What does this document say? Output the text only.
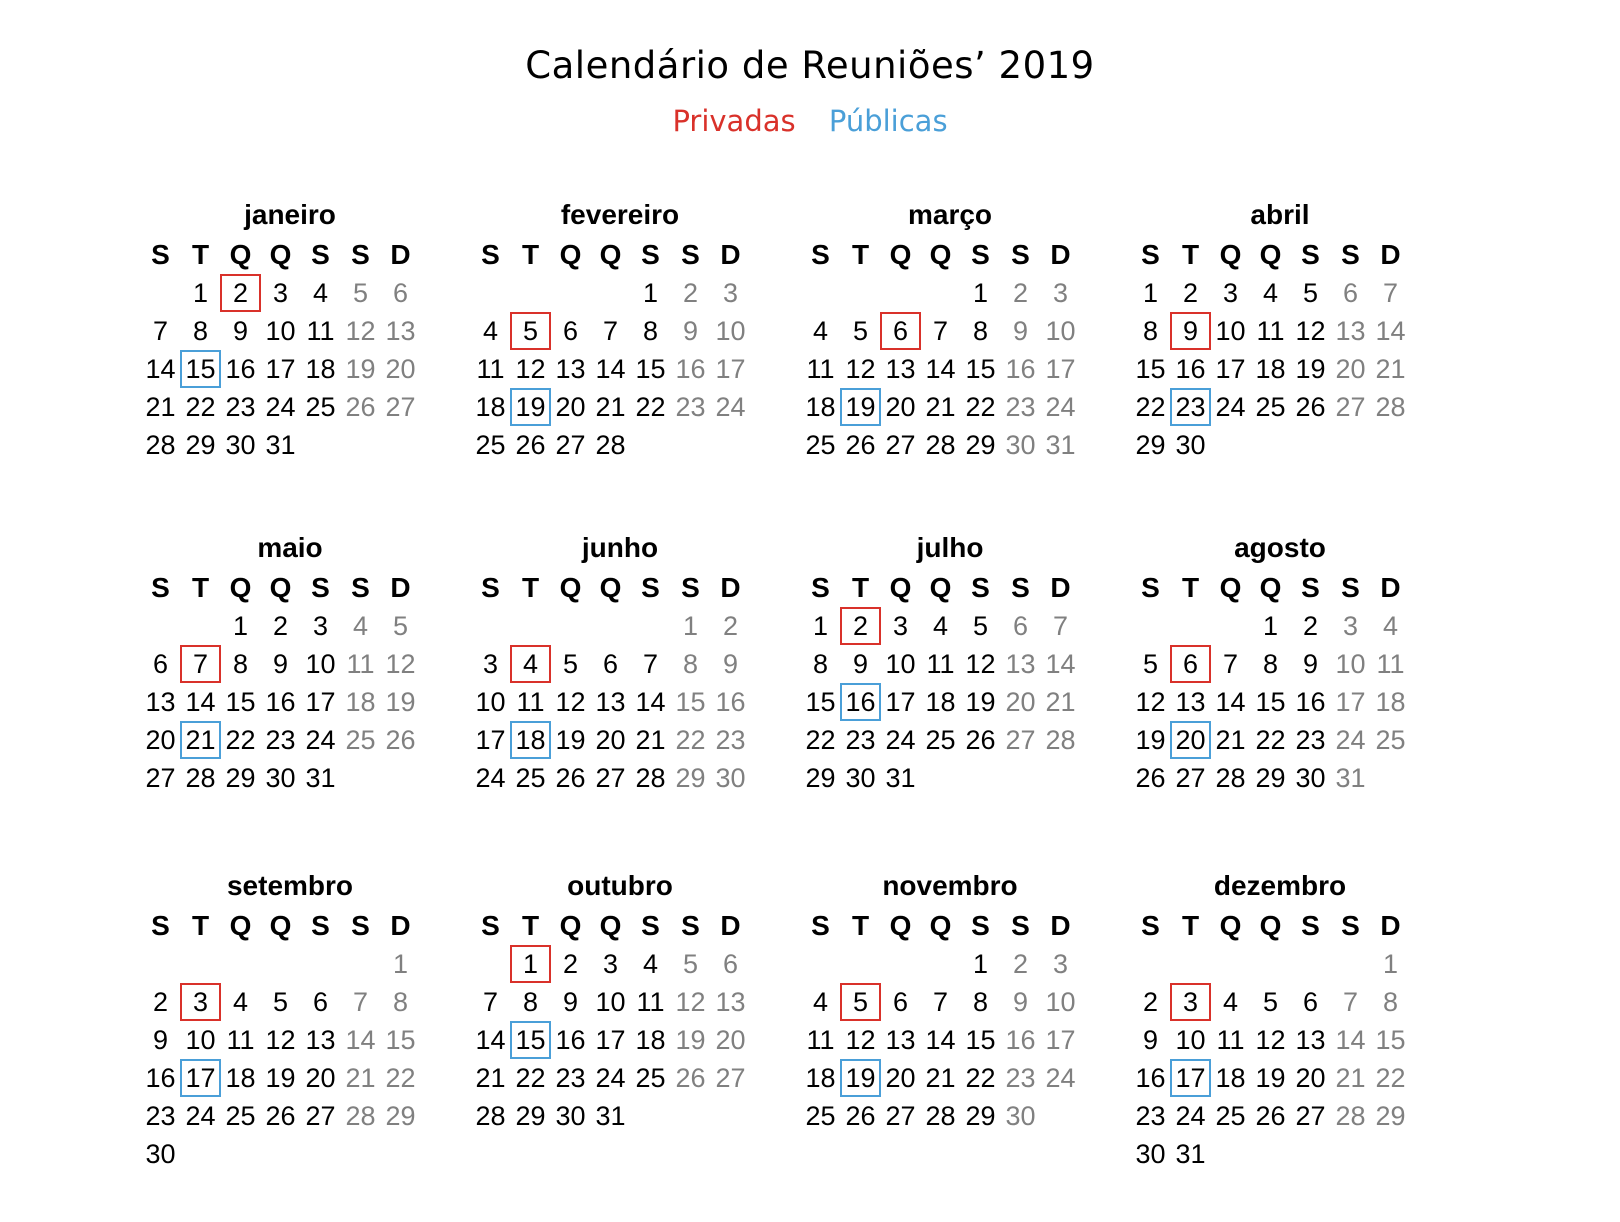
Calendário de Reuniões’ 2019
Privadas Públicas
janeiro
S T Q Q S S D
1 2 3 4 5 6
7 8 9 10 11 12 13
14 15 16 17 18 19 20
21 22 23 24 25 26 27
28 29 30 31
fevereiro
S T Q Q S S D
1 2 3
4 5 6 7 8 9 10
11 12 13 14 15 16 17
18 19 20 21 22 23 24
25 26 27 28
março
S T Q Q S S D
1 2 3
4 5 6 7 8 9 10
11 12 13 14 15 16 17
18 19 20 21 22 23 24
25 26 27 28 29 30 31
abril
S T Q Q S S D
1 2 3 4 5 6 7
8 9 10 11 12 13 14
15 16 17 18 19 20 21
22 23 24 25 26 27 28
29 30
maio
S T Q Q S S D
1 2 3 4 5
6 7 8 9 10 11 12
13 14 15 16 17 18 19
20 21 22 23 24 25 26
27 28 29 30 31
junho
S T Q Q S S D
1 2
3 4 5 6 7 8 9
10 11 12 13 14 15 16
17 18 19 20 21 22 23
24 25 26 27 28 29 30
julho
S T Q Q S S D
1 2 3 4 5 6 7
8 9 10 11 12 13 14
15 16 17 18 19 20 21
22 23 24 25 26 27 28
29 30 31
agosto
S T Q Q S S D
1 2 3 4
5 6 7 8 9 10 11
12 13 14 15 16 17 18
19 20 21 22 23 24 25
26 27 28 29 30 31
setembro
S T Q Q S S D
1
2 3 4 5 6 7 8
9 10 11 12 13 14 15
16 17 18 19 20 21 22
23 24 25 26 27 28 29
30
outubro
S T Q Q S S D
1 2 3 4 5 6
7 8 9 10 11 12 13
14 15 16 17 18 19 20
21 22 23 24 25 26 27
28 29 30 31
novembro
S T Q Q S S D
1 2 3
4 5 6 7 8 9 10
11 12 13 14 15 16 17
18 19 20 21 22 23 24
25 26 27 28 29 30
dezembro
S T Q Q S S D
1
2 3 4 5 6 7 8
9 10 11 12 13 14 15
16 17 18 19 20 21 22
23 24 25 26 27 28 29
30 31
